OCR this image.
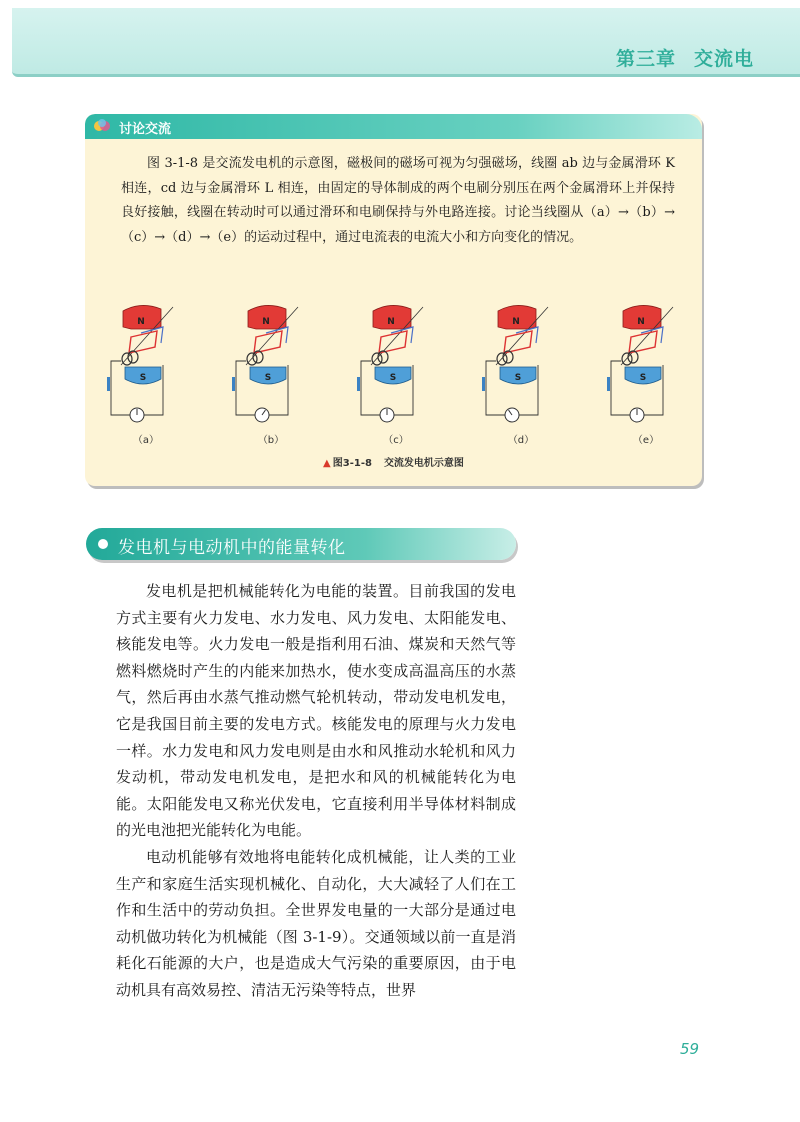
第三章 交流电
讨论交流

图 3-1-8 是交流发电机的示意图，磁极间的磁场可视为匀强磁场，线圈 ab 边与金属滑环 K 相连，cd 边与金属滑环 L 相连，由固定的导体制成的两个电刷分别压在两个金属滑环上并保持良好接触，线圈在转动时可以通过滑环和电刷保持与外电路连接。讨论当线圈从（a）→（b）→（c）→（d）→（e）的运动过程中，通过电流表的电流大小和方向变化的情况。

N
S
（a）
N
S
（b）
N
S
（c）
N
S
（d）
N
S
（e）
▲ 图3-1-8 交流发电机示意图
发电机与电动机中的能量转化

发电机是把机械能转化为电能的装置。目前我国的发电方式主要有火力发电、水力发电、风力发电、太阳能发电、核能发电等。火力发电一般是指利用石油、煤炭和天然气等燃料燃烧时产生的内能来加热水，使水变成高温高压的水蒸气，然后再由水蒸气推动燃气轮机转动，带动发电机发电，它是我国目前主要的发电方式。核能发电的原理与火力发电一样。水力发电和风力发电则是由水和风推动水轮机和风力发动机，带动发电机发电，是把水和风的机械能转化为电能。太阳能发电又称光伏发电，它直接利用半导体材料制成的光电池把光能转化为电能。

电动机能够有效地将电能转化成机械能，让人类的工业生产和家庭生活实现机械化、自动化，大大减轻了人们在工作和生活中的劳动负担。全世界发电量的一大部分是通过电动机做功转化为机械能（图 3-1-9）。交通领域以前一直是消耗化石能源的大户，也是造成大气污染的重要原因，由于电动机具有高效易控、清洁无污染等特点，世界

59
